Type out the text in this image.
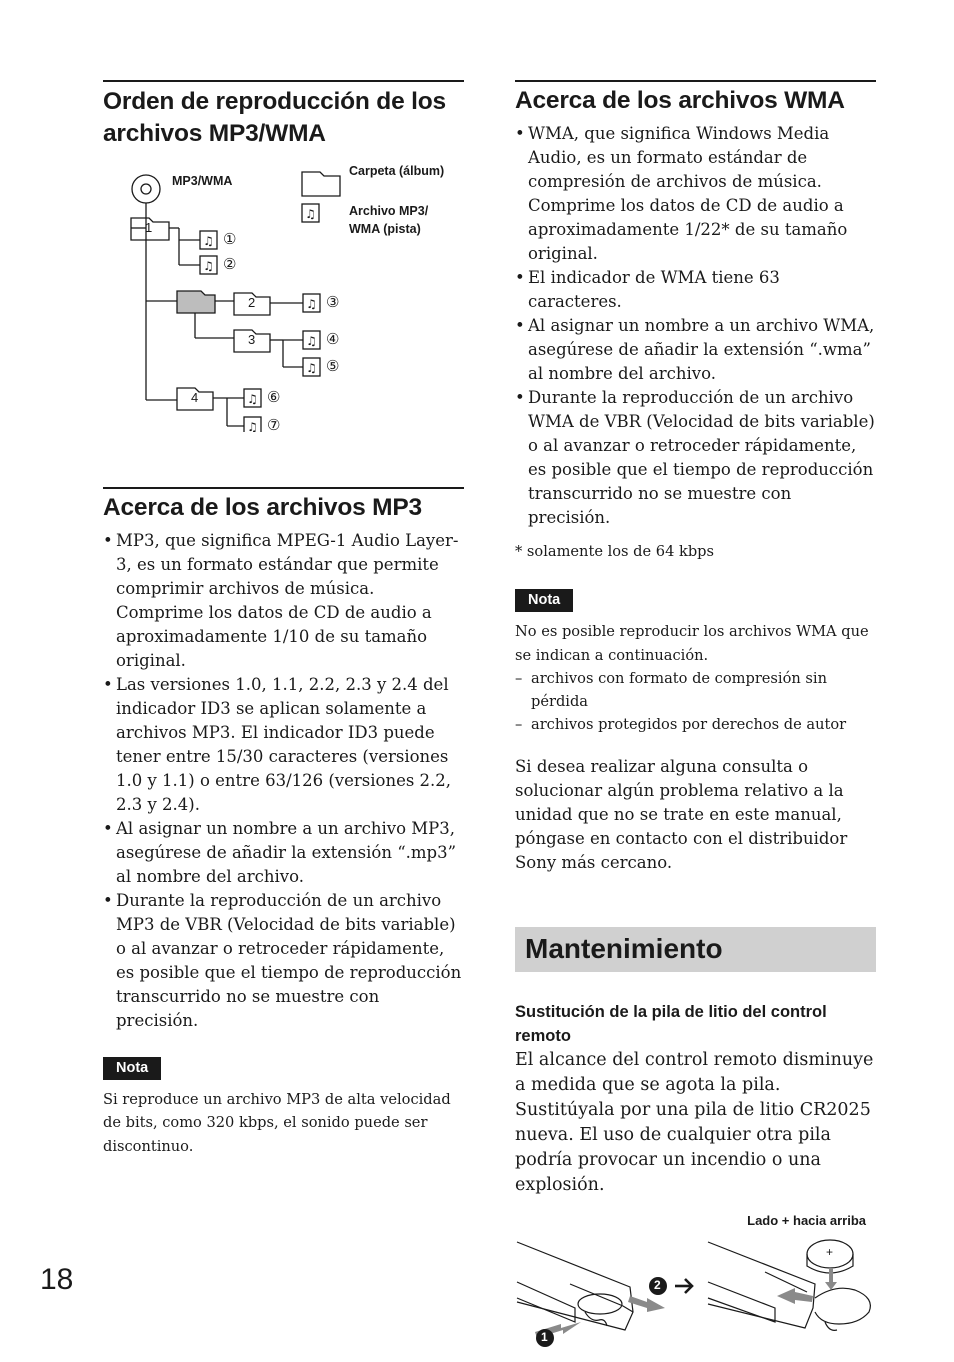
Orden de reproducción de los archivos MP3/WMA
♫
♫
♫
♫
♫
♫
♫
♫
MP3/WMA
Carpeta (álbum)
Archivo MP3/ WMA (pista)
1
2
3
4
①
②
③
④
⑤
⑥
⑦
Acerca de los archivos MP3
• MP3, que significa MPEG-1 Audio Layer-3, es un formato estándar que permite comprimir archivos de música. Comprime los datos de CD de audio a aproximadamente 1/10 de su tamaño original.
• Las versiones 1.0, 1.1, 2.2, 2.3 y 2.4 del indicador ID3 se aplican solamente a archivos MP3. El indicador ID3 puede tener entre 15/30 caracteres (versiones 1.0 y 1.1) o entre 63/126 (versiones 2.2, 2.3 y 2.4).
• Al asignar un nombre a un archivo MP3, asegúrese de añadir la extensión “.mp3” al nombre del archivo.
• Durante la reproducción de un archivo MP3 de VBR (Velocidad de bits variable) o al avanzar o retroceder rápidamente, es posible que el tiempo de reproducción transcurrido no se muestre con precisión.
Nota
Si reproduce un archivo MP3 de alta velocidad de bits, como 320 kbps, el sonido puede ser discontinuo.
Acerca de los archivos WMA
• WMA, que significa Windows Media Audio, es un formato estándar de compresión de archivos de música. Comprime los datos de CD de audio a aproximadamente 1/22* de su tamaño original.
• El indicador de WMA tiene 63 caracteres.
• Al asignar un nombre a un archivo WMA, asegúrese de añadir la extensión “.wma” al nombre del archivo.
• Durante la reproducción de un archivo WMA de VBR (Velocidad de bits variable) o al avanzar o retroceder rápidamente, es posible que el tiempo de reproducción transcurrido no se muestre con precisión.
* solamente los de 64 kbps
Nota
No es posible reproducir los archivos WMA que se indican a continuación.
– archivos con formato de compresión sin pérdida
– archivos protegidos por derechos de autor
Si desea realizar alguna consulta o solucionar algún problema relativo a la unidad que no se trate en este manual, póngase en contacto con el distribuidor Sony más cercano.
Mantenimiento
Sustitución de la pila de litio del control remoto
El alcance del control remoto disminuye a medida que se agota la pila. Sustitúyala por una pila de litio CR2025 nueva. El uso de cualquier otra pila podría provocar un incendio o una explosión.
Lado + hacia arriba
1
2
+
18
